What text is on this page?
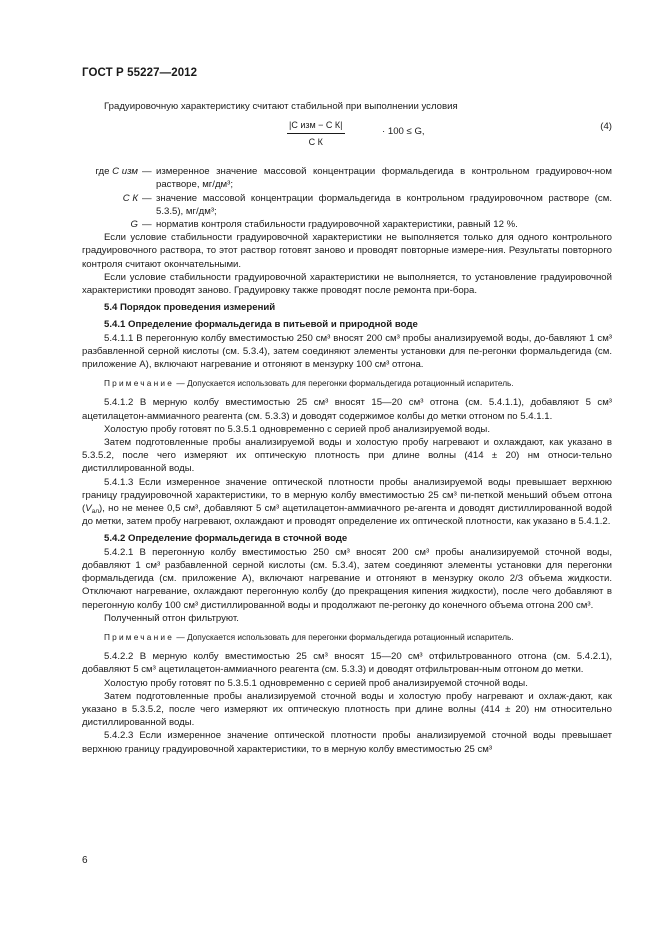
ГОСТ Р 55227—2012

Градуировочную характеристику считают стабильной при выполнении условия

|C изм − C К|
C К
· 100 ≤ G,	(4)
где C изм — измеренное значение массовой концентрации формальдегида в контрольном градуировоч-ном растворе, мг/дм³;
C К — значение массовой концентрации формальдегида в контрольном градуировочном растворе (см. 5.3.5), мг/дм³;
G — норматив контроля стабильности градуировочной характеристики, равный 12 %.

Если условие стабильности градуировочной характеристики не выполняется только для одного контрольного градуировочного раствора, то этот раствор готовят заново и проводят повторные измере-ния. Результаты повторного контроля считают окончательными.

Если условие стабильности градуировочной характеристики не выполняется, то установление градуировочной характеристики проводят заново. Градуировку также проводят после ремонта при-бора.

5.4 Порядок проведения измерений

5.4.1 Определение формальдегида в питьевой и природной воде

5.4.1.1 В перегонную колбу вместимостью 250 см³ вносят 200 см³ пробы анализируемой воды, до-бавляют 1 см³ разбавленной серной кислоты (см. 5.3.4), затем соединяют элементы установки для пе-регонки формальдегида (см. приложение А), включают нагревание и отгоняют в мензурку 100 см³ отгона.

Примечание — Допускается использовать для перегонки формальдегида ротационный испаритель.

5.4.1.2 В мерную колбу вместимостью 25 см³ вносят 15—20 см³ отгона (см. 5.4.1.1), добавляют 5 см³ ацетилацетон-аммиачного реагента (см. 5.3.3) и доводят содержимое колбы до метки отгоном по 5.4.1.1.

Холостую пробу готовят по 5.3.5.1 одновременно с серией проб анализируемой воды.

Затем подготовленные пробы анализируемой воды и холостую пробу нагревают и охлаждают, как указано в 5.3.5.2, после чего измеряют их оптическую плотность при длине волны (414 ± 20) нм относи-тельно дистиллированной воды.

5.4.1.3 Если измеренное значение оптической плотности пробы анализируемой воды превышает верхнюю границу градуировочной характеристики, то в мерную колбу вместимостью 25 см³ пи-петкой меньший объем отгона $(V_{ал})$, но не менее 0,5 см³, добавляют 5 см³ ацетилацетон-аммиачного ре-агента и доводят дистиллированной водой до метки, затем пробу нагревают, охлаждают и проводят определение их оптической плотности, как указано в 5.4.1.2.

5.4.2 Определение формальдегида в сточной воде

5.4.2.1 В перегонную колбу вместимостью 250 см³ вносят 200 см³ пробы анализируемой сточной воды, добавляют 1 см³ разбавленной серной кислоты (см. 5.3.4), затем соединяют элементы установки для перегонки формальдегида (см. приложение А), включают нагревание и отгоняют в мензурку около 2/3 объема жидкости. Отключают нагревание, охлаждают перегонную колбу (до прекращения кипения жидкости), после чего добавляют в перегонную колбу 100 см³ дистиллированной воды и продолжают пе-регонку до конечного объема отгона 200 см³.

Полученный отгон фильтруют.

Примечание — Допускается использовать для перегонки формальдегида ротационный испаритель.

5.4.2.2 В мерную колбу вместимостью 25 см³ вносят 15—20 см³ отфильтрованного отгона (см. 5.4.2.1), добавляют 5 см³ ацетилацетон-аммиачного реагента (см. 5.3.3) и доводят отфильтрован-ным отгоном до метки.

Холостую пробу готовят по 5.3.5.1 одновременно с серией проб анализируемой сточной воды.

Затем подготовленные пробы анализируемой сточной воды и холостую пробу нагревают и охлаж-дают, как указано в 5.3.5.2, после чего измеряют их оптическую плотность при длине волны (414 ± 20) нм относительно дистиллированной воды.

5.4.2.3 Если измеренное значение оптической плотности пробы анализируемой сточной воды превышает верхнюю границу градуировочной характеристики, то в мерную колбу вместимостью 25 см³

6
